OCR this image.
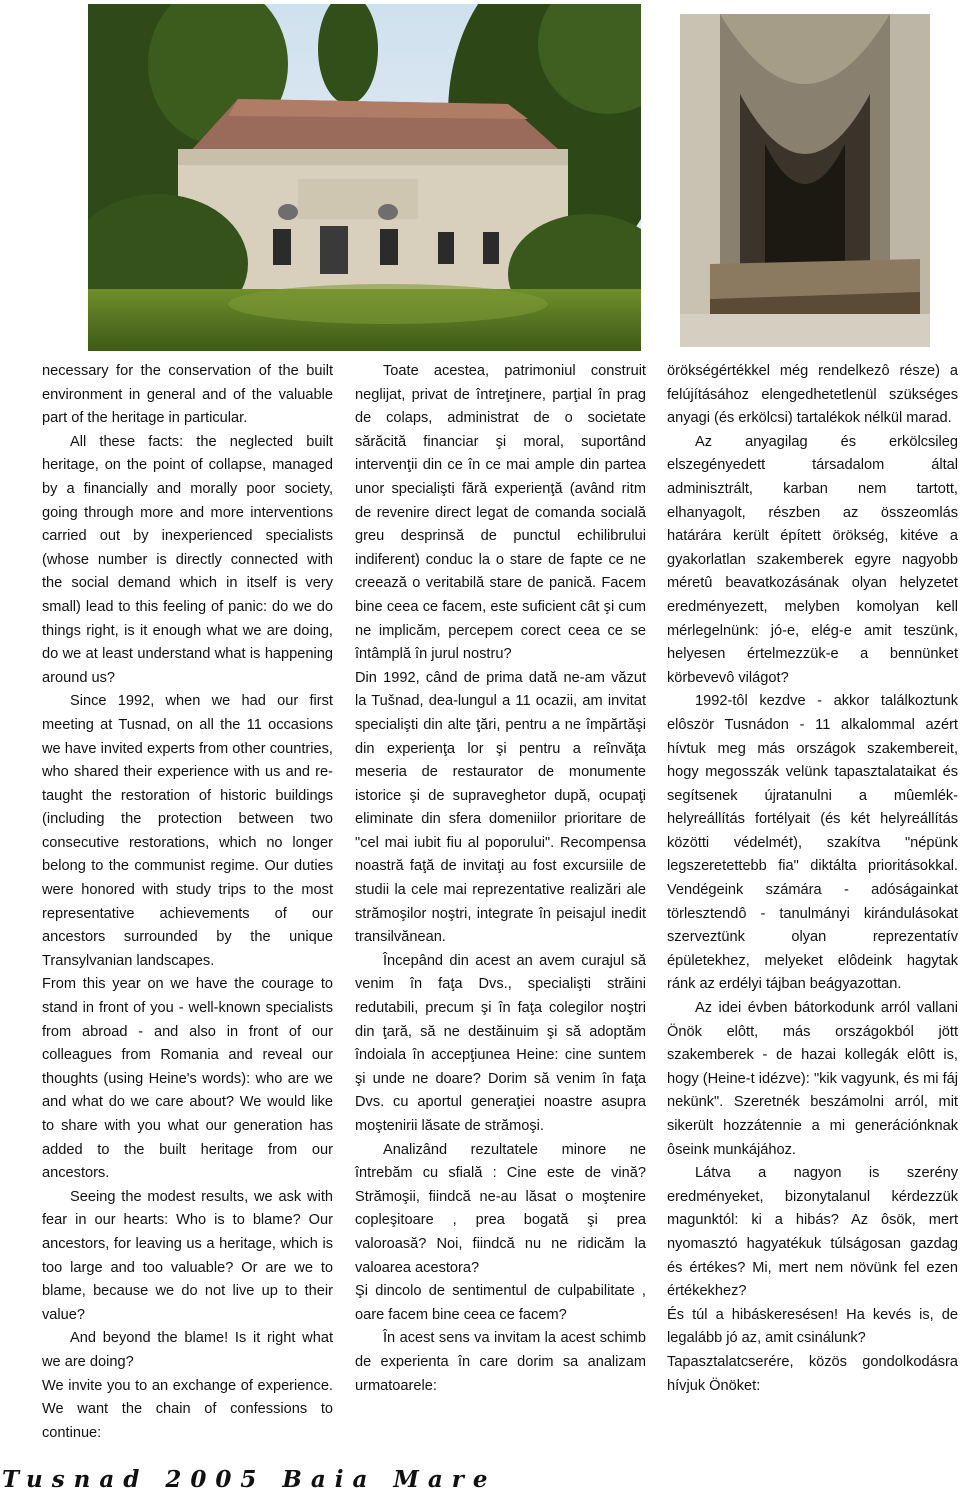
necessary for the conservation of the built environment in general and of the valuable part of the heritage in particular.

All these facts: the neglected built heritage, on the point of collapse, managed by a financially and morally poor society, going through more and more interventions carried out by inexperienced specialists (whose number is directly connected with the social demand which in itself is very small) lead to this feeling of panic: do we do things right, is it enough what we are doing, do we at least understand what is happening around us?

Since 1992, when we had our first meeting at Tusnad, on all the 11 occasions we have invited experts from other countries, who shared their experience with us and re-taught the restoration of historic buildings (including the protection between two consecutive restorations, which no longer belong to the communist regime. Our duties were honored with study trips to the most representative achievements of our ancestors surrounded by the unique Transylvanian landscapes.

From this year on we have the courage to stand in front of you - well-known specialists from abroad - and also in front of our colleagues from Romania and reveal our thoughts (using Heine's words): who are we and what do we care about? We would like to share with you what our generation has added to the built heritage from our ancestors.

Seeing the modest results, we ask with fear in our hearts: Who is to blame? Our ancestors, for leaving us a heritage, which is too large and too valuable? Or are we to blame, because we do not live up to their value?

And beyond the blame! Is it right what we are doing?

We invite you to an exchange of experience. We want the chain of confessions to continue:

Toate acestea, patrimoniul construit neglijat, privat de întreţinere, parţial în prag de colaps, administrat de o societate sărăcită financiar şi moral, suportând intervenţii din ce în ce mai ample din partea unor specialişti fără experienţă (având ritm de revenire direct legat de comanda socială greu desprinsă de punctul echilibrului indiferent) conduc la o stare de fapte ce ne creează o veritabilă stare de panică. Facem bine ceea ce facem, este suficient cât şi cum ne implicăm, percepem corect ceea ce se întâmplă în jurul nostru?

Din 1992, când de prima dată ne-am văzut la Tušnad, dea-lungul a 11 ocazii, am invitat specialişti din alte ţări, pentru a ne împărtăşi din experienţa lor şi pentru a reînvăţa meseria de restaurator de monumente istorice şi de supraveghetor după, ocupaţi eliminate din sfera domeniilor prioritare de "cel mai iubit fiu al poporului". Recompensa noastră faţă de invitaţi au fost excursiile de studii la cele mai reprezentative realizări ale strămoşilor noştri, integrate în peisajul inedit transilvănean.

Începând din acest an avem curajul să venim în faţa Dvs., specialişti străini redutabili, precum şi în faţa colegilor noştri din ţară, să ne destăinuim şi să adoptăm îndoiala în accepţiunea Heine: cine suntem şi unde ne doare? Dorim să venim în faţa Dvs. cu aportul generaţiei noastre asupra moştenirii lăsate de strămoşi.

Analizând rezultatele minore ne întrebăm cu sfială : Cine este de vină? Strămoşii, fiindcă ne-au lăsat o moştenire copleşitoare , prea bogată şi prea valoroasă? Noi, fiindcă nu ne ridicăm la valoarea acestora?

Şi dincolo de sentimentul de culpabilitate , oare facem bine ceea ce facem?

În acest sens va invitam la acest schimb de experienta în care dorim sa analizam urmatoarele:

örökségértékkel még rendelkezô része) a felújításához elengedhetetlenül szükséges anyagi (és erkölcsi) tartalékok nélkül marad.

Az anyagilag és erkölcsileg elszegényedett társadalom által adminisztrált, karban nem tartott, elhanyagolt, részben az összeomlás határára került épített örökség, kitéve a gyakorlatlan szakemberek egyre nagyobb méretû beavatkozásának olyan helyzetet eredményezett, melyben komolyan kell mérlegelnünk: jó-e, elég-e amit teszünk, helyesen értelmezzük-e a bennünket körbevevô világot?

1992-tôl kezdve - akkor találkoztunk elôször Tusnádon - 11 alkalommal azért hívtuk meg más országok szakembereit, hogy megosszák velünk tapasztalataikat és segítsenek újratanulni a mûemlék-helyreállítás fortélyait (és két helyreállítás közötti védelmét), szakítva "népünk legszeretettebb fia" diktálta prioritásokkal. Vendégeink számára - adóságainkat törlesztendô - tanulmányi kirándulásokat szerveztünk olyan reprezentatív épületekhez, melyeket elôdeink hagytak ránk az erdélyi tájban beágyazottan.

Az idei évben bátorkodunk arról vallani Önök elôtt, más országokból jött szakemberek - de hazai kollegák elôtt is, hogy (Heine-t idézve): "kik vagyunk, és mi fáj nekünk". Szeretnék beszámolni arról, mit sikerült hozzátennie a mi generációnknak ôseink munkájához.

Látva a nagyon is szerény eredményeket, bizonytalanul kérdezzük magunktól: ki a hibás? Az ôsök, mert nyomasztó hagyatékuk túlságosan gazdag és értékes? Mi, mert nem növünk fel ezen értékekhez?

És túl a hibáskeresésen! Ha kevés is, de legalább jó az, amit csinálunk?

Tapasztalatcserére, közös gondolkodásra hívjuk Önöket:

Tusnad 2005 Baia Mare
